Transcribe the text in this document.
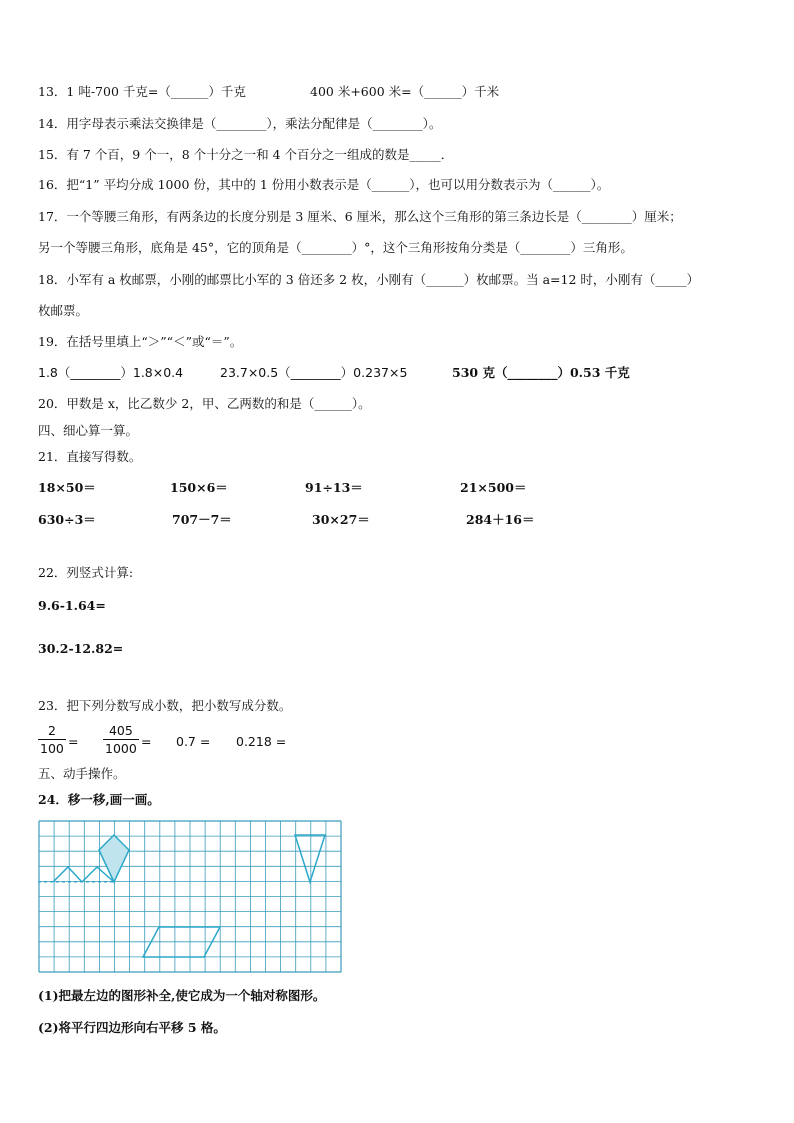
13．1 吨-700 千克=（______）千克	400 米+600 米=（______）千米
14．用字母表示乘法交换律是（________），乘法分配律是（________）。
15．有 7 个百，9 个一，8 个十分之一和 4 个百分之一组成的数是_____．
16．把“1” 平均分成 1000 份，其中的 1 份用小数表示是（______），也可以用分数表示为（______）。
17．一个等腰三角形，有两条边的长度分别是 3 厘米、6 厘米，那么这个三角形的第三条边长是（________）厘米；
另一个等腰三角形，底角是 45°，它的顶角是（________）°，这个三角形按角分类是（________）三角形。
18．小军有 a 枚邮票，小刚的邮票比小军的 3 倍还多 2 枚，小刚有（______）枚邮票。当 a=12 时，小刚有（_____）
枚邮票。
19．在括号里填上“＞”“＜”或“＝”。
1.8（________）1.8×0.4	23.7×0.5（________）0.237×5	530 克（________）0.53 千克
20．甲数是 x，比乙数少 2，甲、乙两数的和是（______）。
四、细心算一算。
21．直接写得数。
18×50＝	150×6＝	91÷13＝	21×500＝
630÷3＝	707－7＝	30×27＝	284＋16＝
22．列竖式计算:
9.6-1.64=
30.2-12.82=
23．把下列分数写成小数，把小数写成分数。
$\frac{2}{100} = \frac{405}{1000} = 0.7 = 0.218$ =
五、动手操作。
24．移一移,画一画。
(1)把最左边的图形补全,使它成为一个轴对称图形。
(2)将平行四边形向右平移 5 格。
